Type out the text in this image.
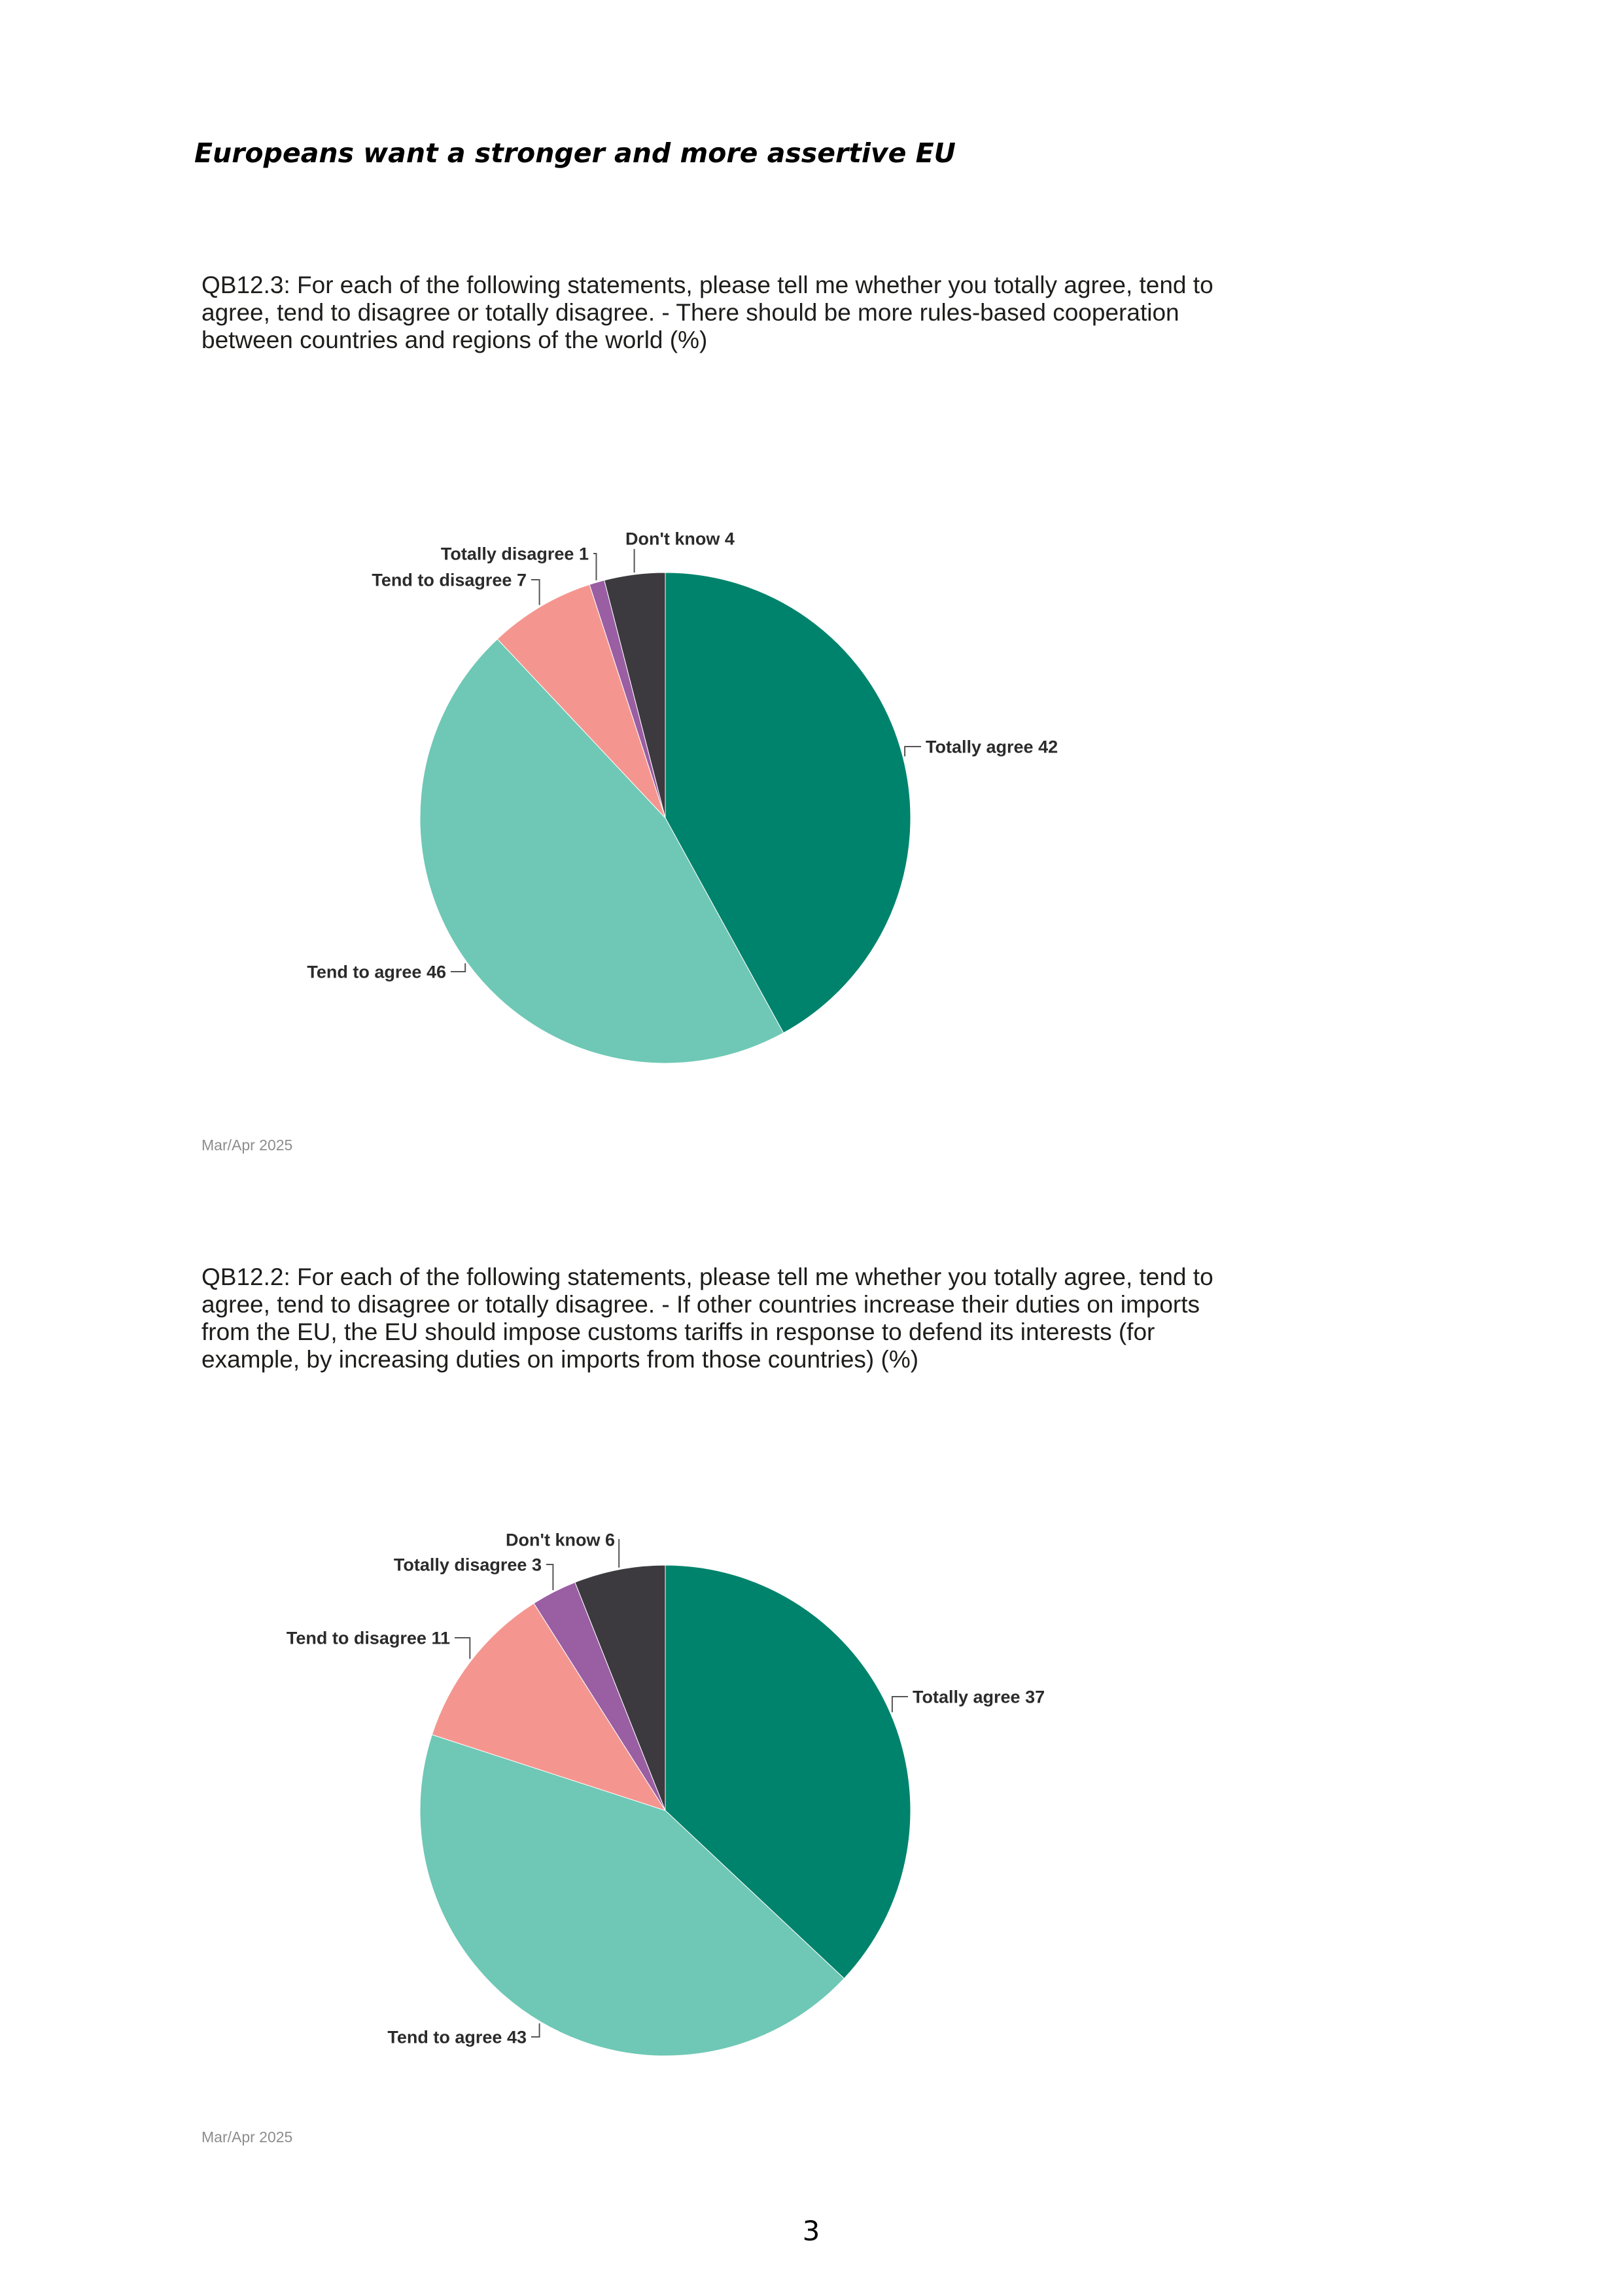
Europeans want a stronger and more assertive EU
QB12.3: For each of the following statements, please tell me whether you totally agree, tend to agree, tend to disagree or totally disagree. - There should be more rules-based cooperation between countries and regions of the world (%)
Totally agree 42
Tend to agree 46
Tend to disagree 7
Totally disagree 1
Don't know 4
Mar/Apr 2025
QB12.2: For each of the following statements, please tell me whether you totally agree, tend to agree, tend to disagree or totally disagree. - If other countries increase their duties on imports from the EU, the EU should impose customs tariffs in response to defend its interests (for example, by increasing duties on imports from those countries) (%)
Totally agree 37
Tend to agree 43
Tend to disagree 11
Totally disagree 3
Don't know 6
Mar/Apr 2025
3
